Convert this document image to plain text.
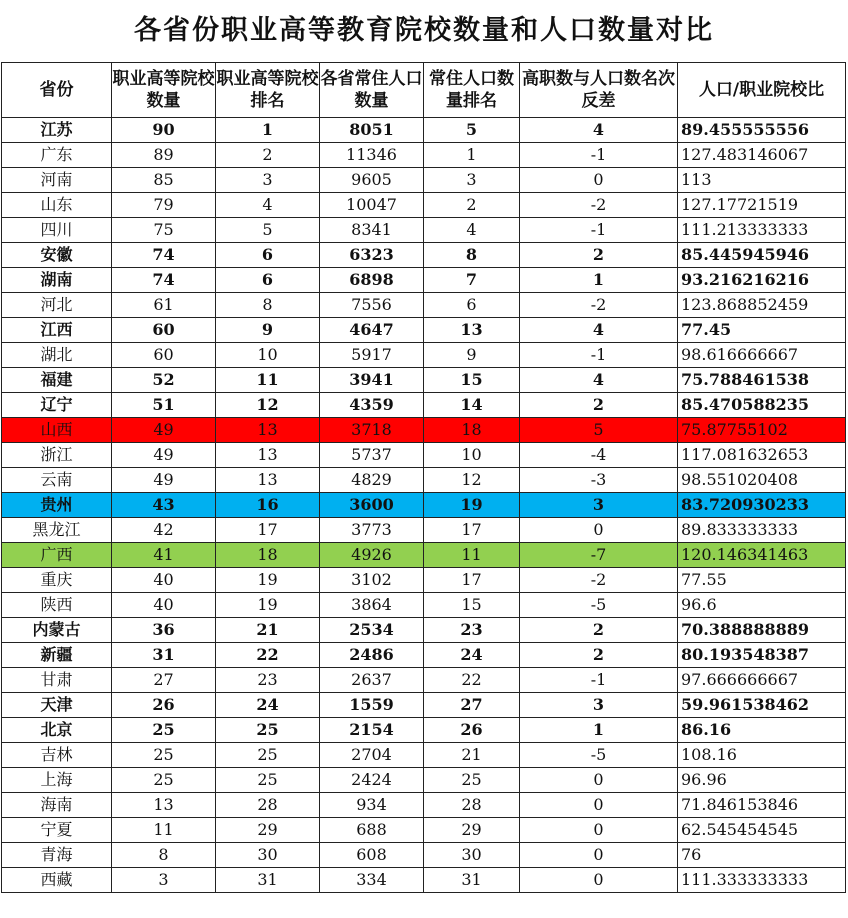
各省份职业高等教育院校数量和人口数量对比
省份	职业高等院校数量	职业高等院校排名	各省常住人口数量	常住人口数量排名	高职数与人口数名次反差	人口/职业院校比
江苏	90	1	8051	5	4	89.455555556
广东	89	2	11346	1	-1	127.483146067
河南	85	3	9605	3	0	113
山东	79	4	10047	2	-2	127.17721519
四川	75	5	8341	4	-1	111.213333333
安徽	74	6	6323	8	2	85.445945946
湖南	74	6	6898	7	1	93.216216216
河北	61	8	7556	6	-2	123.868852459
江西	60	9	4647	13	4	77.45
湖北	60	10	5917	9	-1	98.616666667
福建	52	11	3941	15	4	75.788461538
辽宁	51	12	4359	14	2	85.470588235
山西	49	13	3718	18	5	75.87755102
浙江	49	13	5737	10	-4	117.081632653
云南	49	13	4829	12	-3	98.551020408
贵州	43	16	3600	19	3	83.720930233
黑龙江	42	17	3773	17	0	89.833333333
广西	41	18	4926	11	-7	120.146341463
重庆	40	19	3102	17	-2	77.55
陕西	40	19	3864	15	-5	96.6
内蒙古	36	21	2534	23	2	70.388888889
新疆	31	22	2486	24	2	80.193548387
甘肃	27	23	2637	22	-1	97.666666667
天津	26	24	1559	27	3	59.961538462
北京	25	25	2154	26	1	86.16
吉林	25	25	2704	21	-5	108.16
上海	25	25	2424	25	0	96.96
海南	13	28	934	28	0	71.846153846
宁夏	11	29	688	29	0	62.545454545
青海	8	30	608	30	0	76
西藏	3	31	334	31	0	111.333333333
